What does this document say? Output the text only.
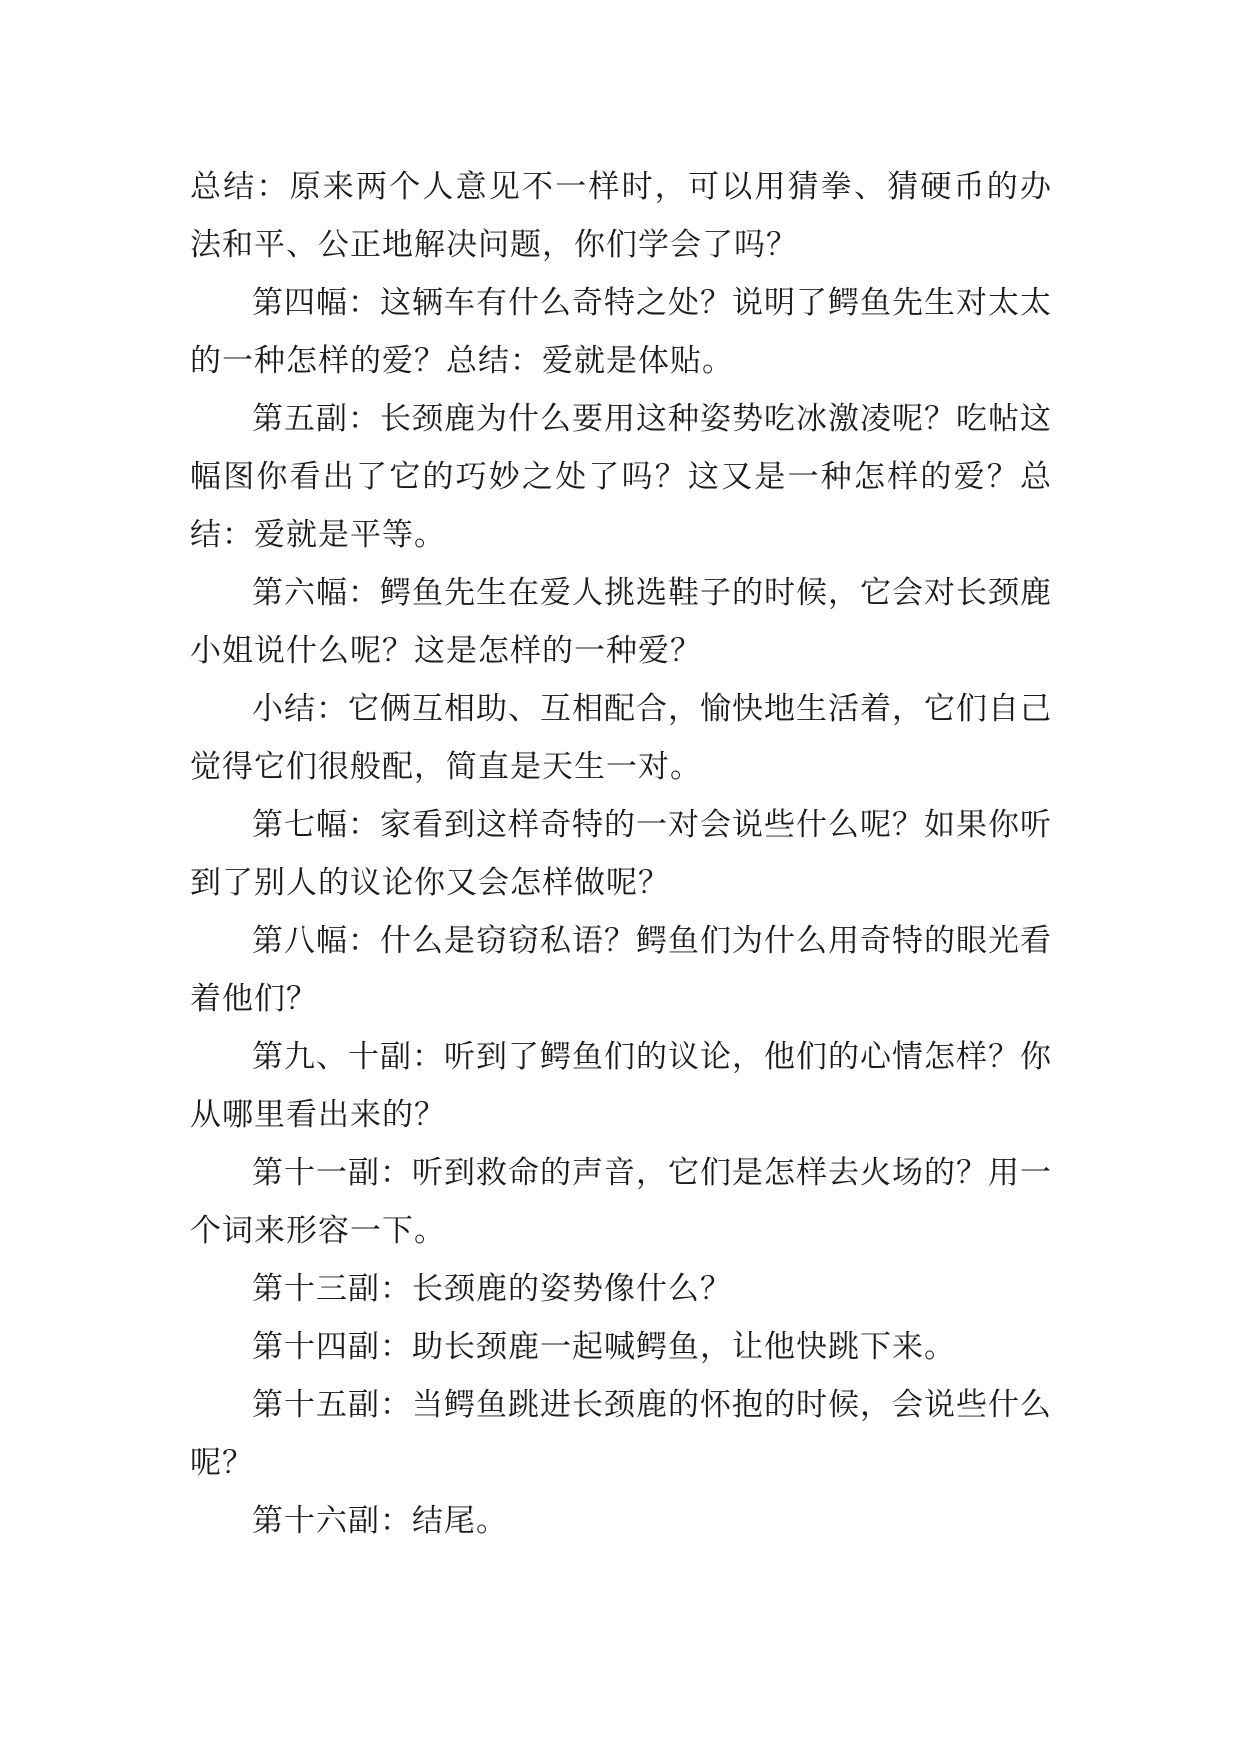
总结：原来两个人意见不一样时，可以用猜拳、猜硬币的办法和平、公正地解决问题，你们学会了吗？

第四幅：这辆车有什么奇特之处？说明了鳄鱼先生对太太的一种怎样的爱？总结：爱就是体贴。

第五副：长颈鹿为什么要用这种姿势吃冰激凌呢？吃帖这幅图你看出了它的巧妙之处了吗？这又是一种怎样的爱？总结：爱就是平等。

第六幅：鳄鱼先生在爱人挑选鞋子的时候，它会对长颈鹿小姐说什么呢？这是怎样的一种爱？

小结：它俩互相助、互相配合，愉快地生活着，它们自己觉得它们很般配，简直是天生一对。

第七幅：家看到这样奇特的一对会说些什么呢？如果你听到了别人的议论你又会怎样做呢？

第八幅：什么是窃窃私语？鳄鱼们为什么用奇特的眼光看着他们？

第九、十副：听到了鳄鱼们的议论，他们的心情怎样？你从哪里看出来的？

第十一副：听到救命的声音，它们是怎样去火场的？用一个词来形容一下。

第十三副：长颈鹿的姿势像什么？

第十四副：助长颈鹿一起喊鳄鱼，让他快跳下来。

第十五副：当鳄鱼跳进长颈鹿的怀抱的时候，会说些什么呢？

第十六副：结尾。
